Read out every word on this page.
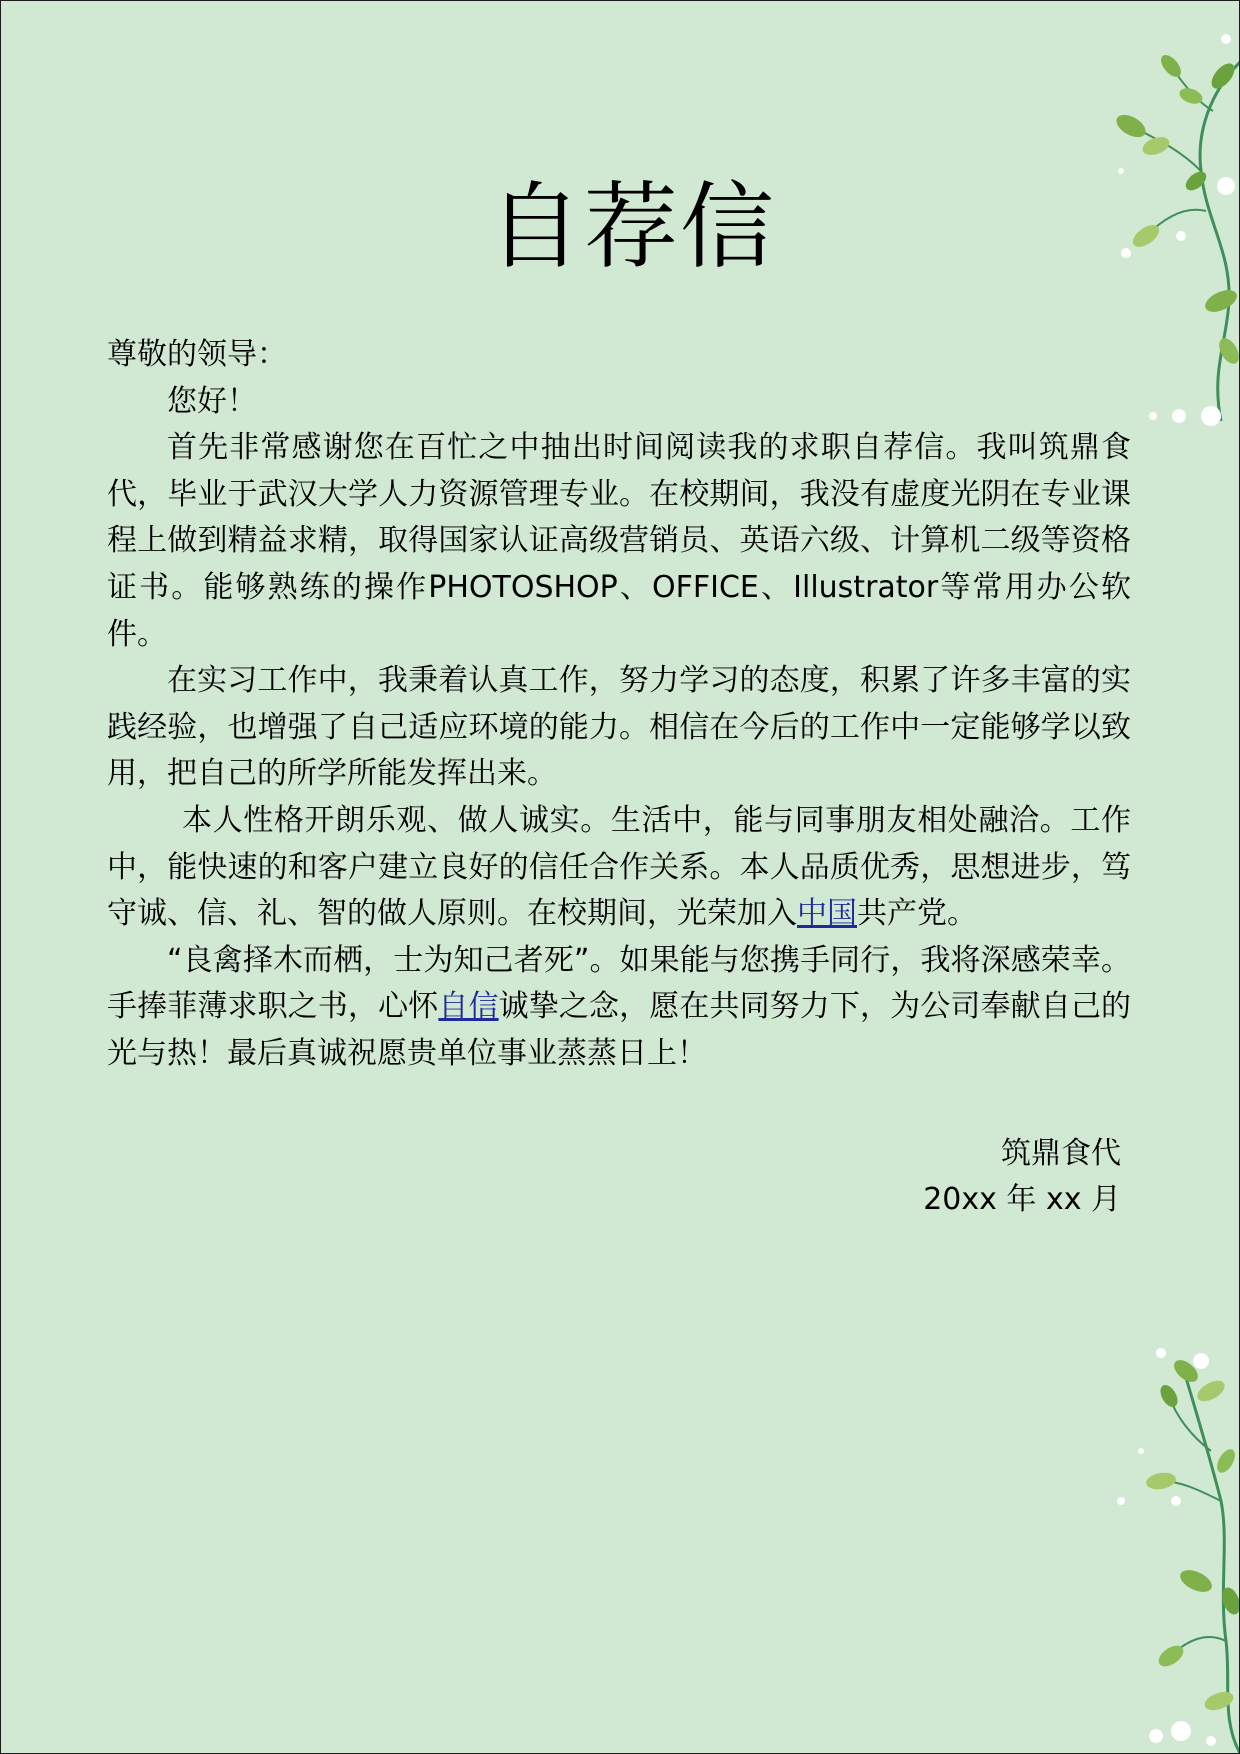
自荐信

尊敬的领导：

您好！

首先非常感谢您在百忙之中抽出时间阅读我的求职自荐信。我叫筑鼎食代，毕业于武汉大学人力资源管理专业。在校期间，我没有虚度光阴在专业课程上做到精益求精，取得国家认证高级营销员、英语六级、计算机二级等资格证书。能够熟练的操作PHOTOSHOP、OFFICE、Illustrator等常用办公软件。

在实习工作中，我秉着认真工作，努力学习的态度，积累了许多丰富的实践经验，也增强了自己适应环境的能力。相信在今后的工作中一定能够学以致用，把自己的所学所能发挥出来。

本人性格开朗乐观、做人诚实。生活中，能与同事朋友相处融洽。工作中，能快速的和客户建立良好的信任合作关系。本人品质优秀，思想进步，笃守诚、信、礼、智的做人原则。在校期间，光荣加入中国共产党。

“良禽择木而栖，士为知己者死”。如果能与您携手同行，我将深感荣幸。手捧菲薄求职之书，心怀自信诚挚之念，愿在共同努力下，为公司奉献自己的光与热！最后真诚祝愿贵单位事业蒸蒸日上！

筑鼎食代
20xx 年 xx 月
